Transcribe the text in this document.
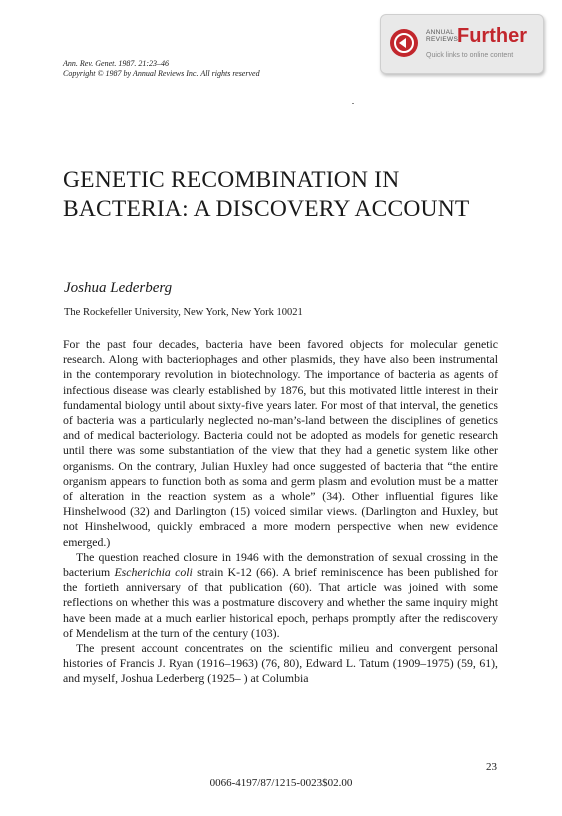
ANNUAL
REVIEWS
Further
Quick links to online content
Ann. Rev. Genet. 1987. 21:23–46
Copyright © 1987 by Annual Reviews Inc. All rights reserved
GENETIC RECOMBINATION IN BACTERIA: A DISCOVERY ACCOUNT
Joshua Lederberg
The Rockefeller University, New York, New York 10021

For the past four decades, bacteria have been favored objects for molecular genetic research. Along with bacteriophages and other plasmids, they have also been instrumental in the contemporary revolution in biotechnology. The importance of bacteria as agents of infectious disease was clearly established by 1876, but this motivated little interest in their fundamental biology until about sixty-five years later. For most of that interval, the genetics of bacteria was a particularly neglected no-man’s-land between the disciplines of genetics and of medical bacteriology. Bacteria could not be adopted as models for genetic research until there was some substantiation of the view that they had a genetic system like other organisms. On the contrary, Julian Huxley had once suggested of bacteria that “the entire organism appears to function both as soma and germ plasm and evolution must be a matter of alteration in the reaction system as a whole” (34). Other influential figures like Hinshelwood (32) and Darlington (15) voiced similar views. (Darlington and Huxley, but not Hinshelwood, quickly embraced a more modern perspective when new evidence emerged.)

The question reached closure in 1946 with the demonstration of sexual crossing in the bacterium Escherichia coli strain K-12 (66). A brief reminiscence has been published for the fortieth anniversary of that publication (60). That article was joined with some reflections on whether this was a postmature discovery and whether the same inquiry might have been made at a much earlier historical epoch, perhaps promptly after the rediscovery of Mendelism at the turn of the century (103).

The present account concentrates on the scientific milieu and convergent personal histories of Francis J. Ryan (1916–1963) (76, 80), Edward L. Tatum (1909–1975) (59, 61), and myself, Joshua Lederberg (1925– ) at Columbia

23
0066-4197/87/1215-0023$02.00
